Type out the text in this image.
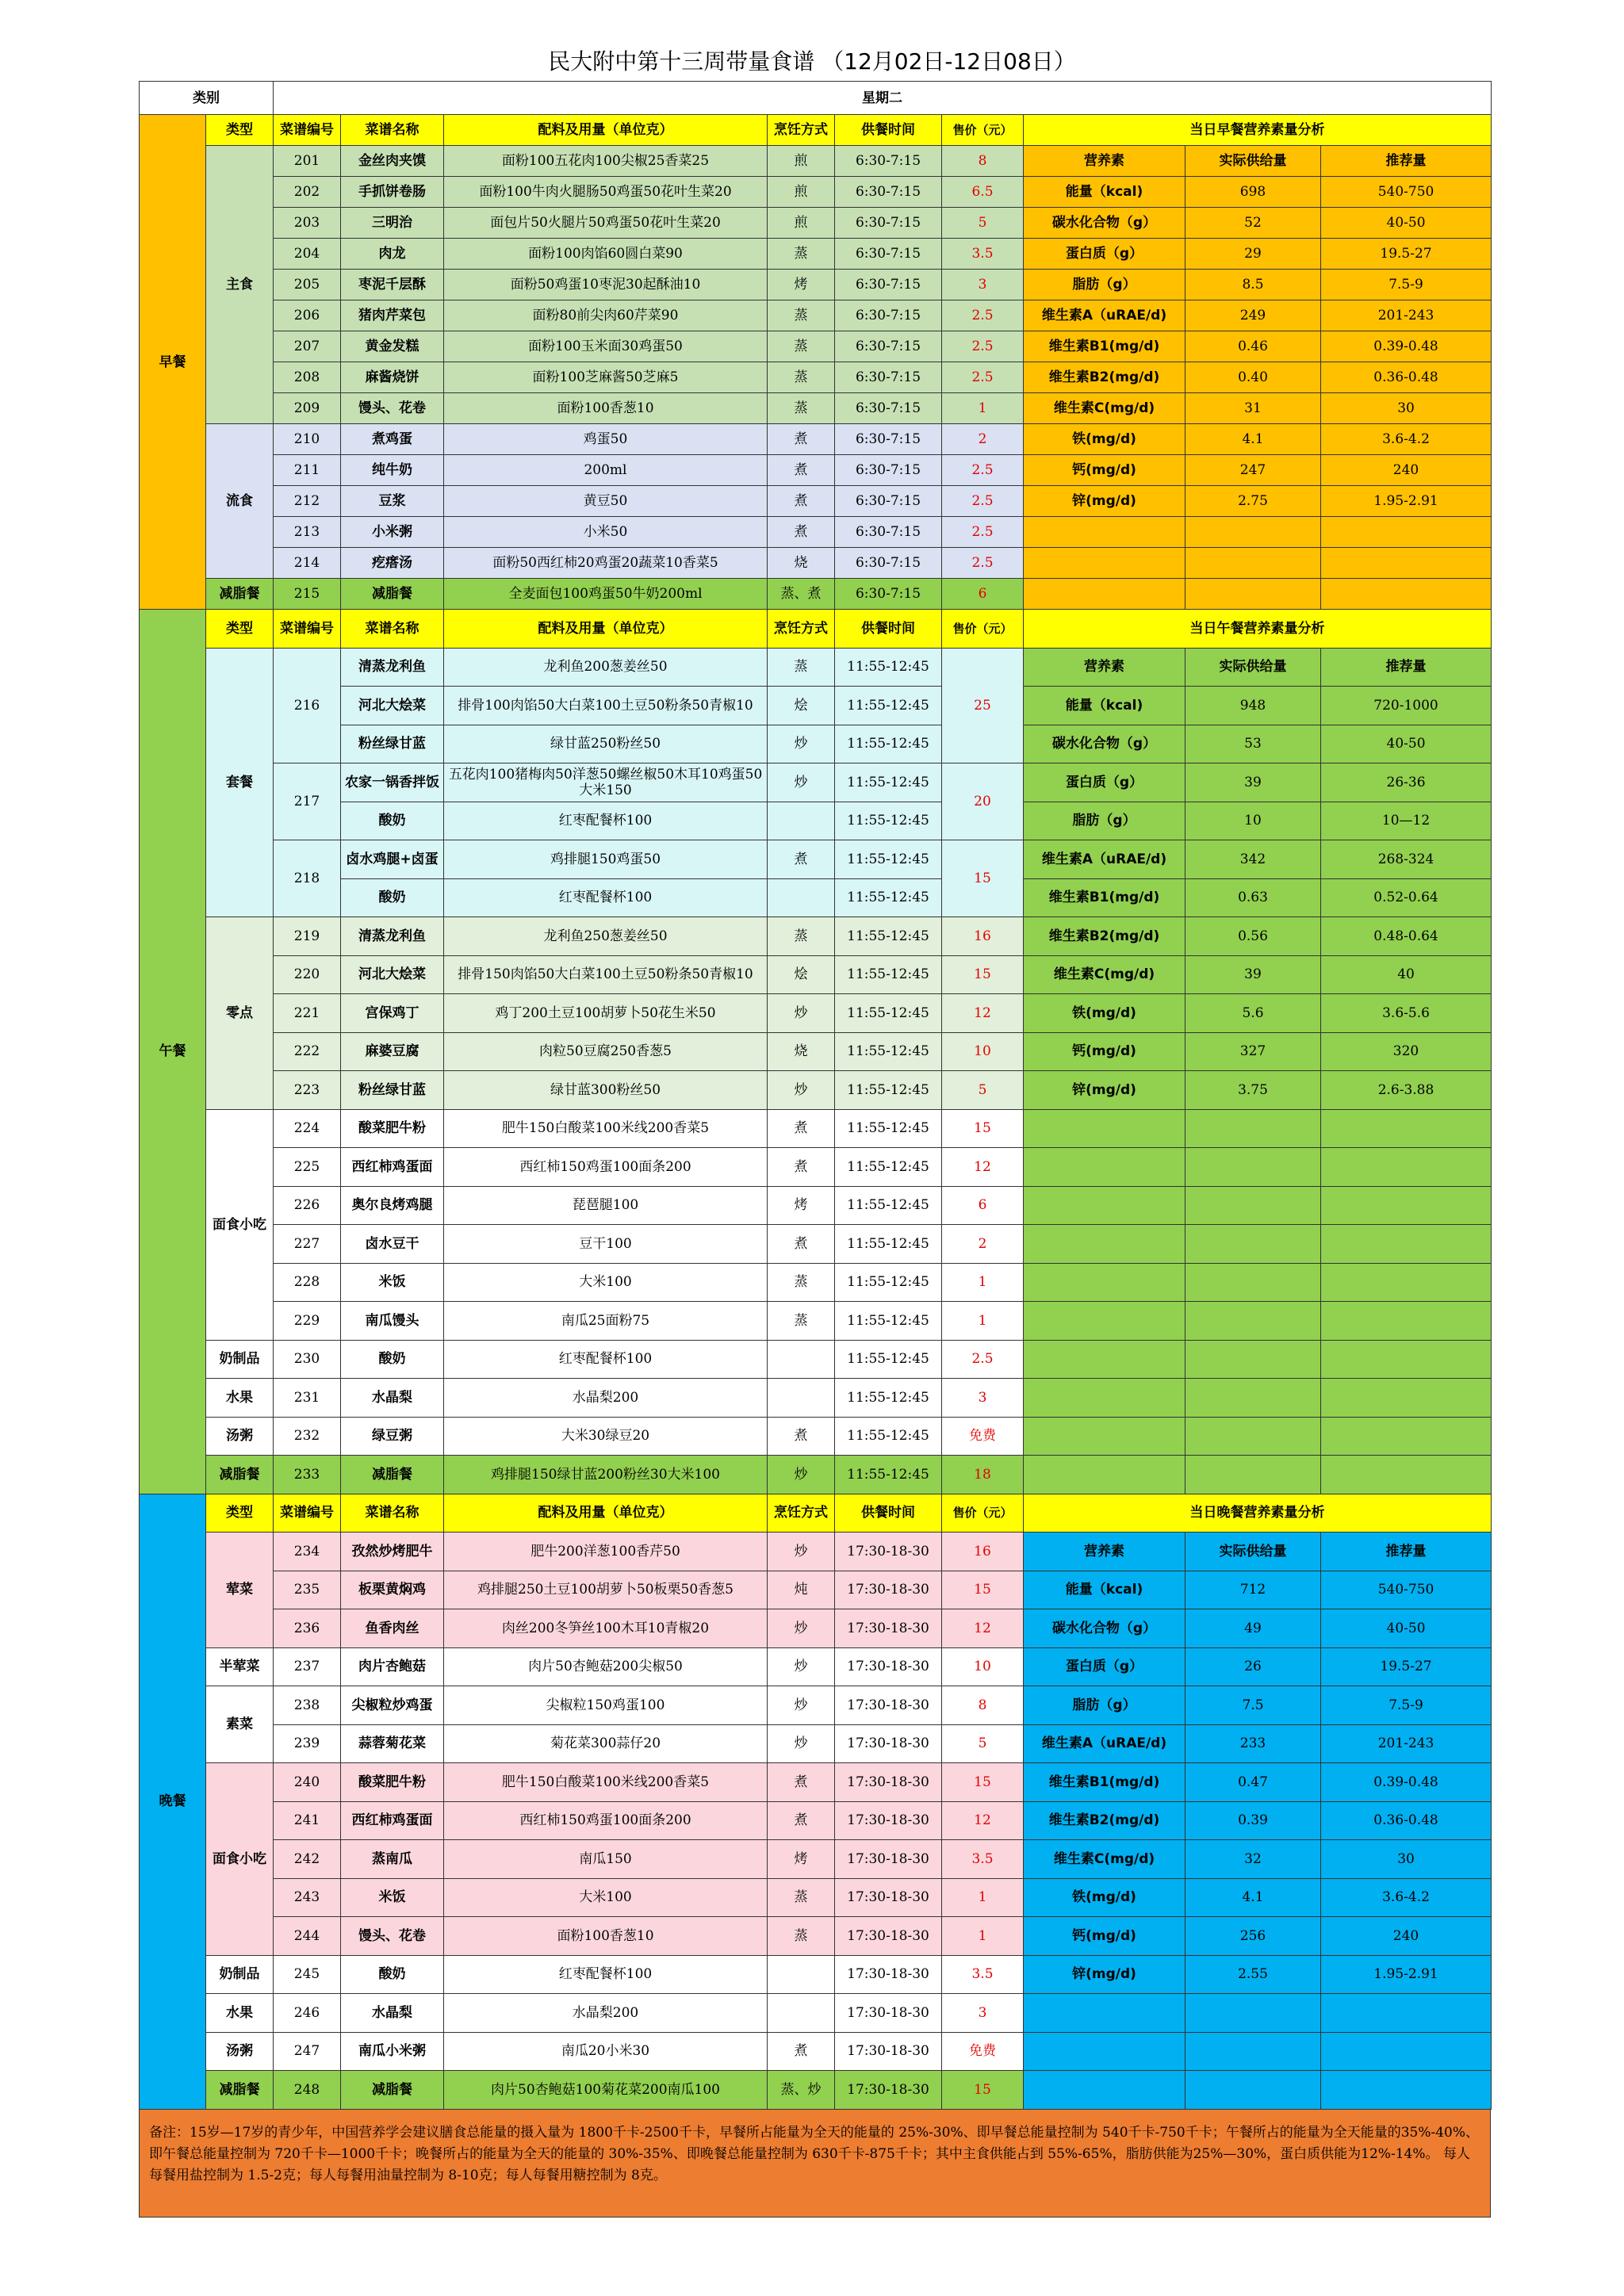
民大附中第十三周带量食谱 （12月02日-12日08日）
类别		星期二								
早餐	类型	菜谱编号	菜谱名称	配料及用量（单位克）	烹饪方式	供餐时间	售价（元）	当日早餐营养素量分析		
	主食	201	金丝肉夹馍	面粉100五花肉100尖椒25香菜25	煎	6:30-7:15	8	营养素	实际供给量	推荐量
		202	手抓饼卷肠	面粉100牛肉火腿肠50鸡蛋50花叶生菜20	煎	6:30-7:15	6.5	能量（kcal)	698	540-750
		203	三明治	面包片50火腿片50鸡蛋50花叶生菜20	煎	6:30-7:15	5	碳水化合物（g）	52	40-50
		204	肉龙	面粉100肉馅60圆白菜90	蒸	6:30-7:15	3.5	蛋白质（g）	29	19.5-27
		205	枣泥千层酥	面粉50鸡蛋10枣泥30起酥油10	烤	6:30-7:15	3	脂肪（g）	8.5	7.5-9
		206	猪肉芹菜包	面粉80前尖肉60芹菜90	蒸	6:30-7:15	2.5	维生素A（uRAE/d)	249	201-243
		207	黄金发糕	面粉100玉米面30鸡蛋50	蒸	6:30-7:15	2.5	维生素B1(mg/d)	0.46	0.39-0.48
		208	麻酱烧饼	面粉100芝麻酱50芝麻5	蒸	6:30-7:15	2.5	维生素B2(mg/d)	0.40	0.36-0.48
		209	馒头、花卷	面粉100香葱10	蒸	6:30-7:15	1	维生素C(mg/d)	31	30
	流食	210	煮鸡蛋	鸡蛋50	煮	6:30-7:15	2	铁(mg/d)	4.1	3.6-4.2
		211	纯牛奶	200ml	煮	6:30-7:15	2.5	钙(mg/d)	247	240
		212	豆浆	黄豆50	煮	6:30-7:15	2.5	锌(mg/d)	2.75	1.95-2.91
		213	小米粥	小米50	煮	6:30-7:15	2.5			
		214	疙瘩汤	面粉50西红柿20鸡蛋20蔬菜10香菜5	烧	6:30-7:15	2.5			
	减脂餐	215	减脂餐	全麦面包100鸡蛋50牛奶200ml	蒸、煮	6:30-7:15	6			
午餐	类型	菜谱编号	菜谱名称	配料及用量（单位克）	烹饪方式	供餐时间	售价（元）	当日午餐营养素量分析		
	套餐	216	清蒸龙利鱼	龙利鱼200葱姜丝50	蒸	11:55-12:45	25	营养素	实际供给量	推荐量
			河北大烩菜	排骨100肉馅50大白菜100土豆50粉条50青椒10	烩	11:55-12:45		能量（kcal)	948	720-1000
			粉丝绿甘蓝	绿甘蓝250粉丝50	炒	11:55-12:45		碳水化合物（g）	53	40-50
		217	农家一锅香拌饭	五花肉100猪梅肉50洋葱50螺丝椒50木耳10鸡蛋50大米150	炒	11:55-12:45	20	蛋白质（g）	39	26-36
			酸奶	红枣配餐杯100		11:55-12:45		脂肪（g）	10	10—12
		218	卤水鸡腿+卤蛋	鸡排腿150鸡蛋50	煮	11:55-12:45	15	维生素A（uRAE/d)	342	268-324
			酸奶	红枣配餐杯100		11:55-12:45		维生素B1(mg/d)	0.63	0.52-0.64
	零点	219	清蒸龙利鱼	龙利鱼250葱姜丝50	蒸	11:55-12:45	16	维生素B2(mg/d)	0.56	0.48-0.64
		220	河北大烩菜	排骨150肉馅50大白菜100土豆50粉条50青椒10	烩	11:55-12:45	15	维生素C(mg/d)	39	40
		221	宫保鸡丁	鸡丁200土豆100胡萝卜50花生米50	炒	11:55-12:45	12	铁(mg/d)	5.6	3.6-5.6
		222	麻婆豆腐	肉粒50豆腐250香葱5	烧	11:55-12:45	10	钙(mg/d)	327	320
		223	粉丝绿甘蓝	绿甘蓝300粉丝50	炒	11:55-12:45	5	锌(mg/d)	3.75	2.6-3.88
	面食小吃	224	酸菜肥牛粉	肥牛150白酸菜100米线200香菜5	煮	11:55-12:45	15			
		225	西红柿鸡蛋面	西红柿150鸡蛋100面条200	煮	11:55-12:45	12			
		226	奥尔良烤鸡腿	琵琶腿100	烤	11:55-12:45	6			
		227	卤水豆干	豆干100	煮	11:55-12:45	2			
		228	米饭	大米100	蒸	11:55-12:45	1			
		229	南瓜馒头	南瓜25面粉75	蒸	11:55-12:45	1			
	奶制品	230	酸奶	红枣配餐杯100		11:55-12:45	2.5			
	水果	231	水晶梨	水晶梨200		11:55-12:45	3			
	汤粥	232	绿豆粥	大米30绿豆20	煮	11:55-12:45	免费			
	减脂餐	233	减脂餐	鸡排腿150绿甘蓝200粉丝30大米100	炒	11:55-12:45	18			
晚餐	类型	菜谱编号	菜谱名称	配料及用量（单位克）	烹饪方式	供餐时间	售价（元）	当日晚餐营养素量分析		
	荤菜	234	孜然炒烤肥牛	肥牛200洋葱100香芹50	炒	17:30-18-30	16	营养素	实际供给量	推荐量
		235	板栗黄焖鸡	鸡排腿250土豆100胡萝卜50板栗50香葱5	炖	17:30-18-30	15	能量（kcal)	712	540-750
		236	鱼香肉丝	肉丝200冬笋丝100木耳10青椒20	炒	17:30-18-30	12	碳水化合物（g）	49	40-50
	半荤菜	237	肉片杏鲍菇	肉片50杏鲍菇200尖椒50	炒	17:30-18-30	10	蛋白质（g）	26	19.5-27
	素菜	238	尖椒粒炒鸡蛋	尖椒粒150鸡蛋100	炒	17:30-18-30	8	脂肪（g）	7.5	7.5-9
		239	蒜蓉菊花菜	菊花菜300蒜仔20	炒	17:30-18-30	5	维生素A（uRAE/d)	233	201-243
	面食小吃	240	酸菜肥牛粉	肥牛150白酸菜100米线200香菜5	煮	17:30-18-30	15	维生素B1(mg/d)	0.47	0.39-0.48
		241	西红柿鸡蛋面	西红柿150鸡蛋100面条200	煮	17:30-18-30	12	维生素B2(mg/d)	0.39	0.36-0.48
		242	蒸南瓜	南瓜150	烤	17:30-18-30	3.5	维生素C(mg/d)	32	30
		243	米饭	大米100	蒸	17:30-18-30	1	铁(mg/d)	4.1	3.6-4.2
		244	馒头、花卷	面粉100香葱10	蒸	17:30-18-30	1	钙(mg/d)	256	240
	奶制品	245	酸奶	红枣配餐杯100		17:30-18-30	3.5	锌(mg/d)	2.55	1.95-2.91
	水果	246	水晶梨	水晶梨200		17:30-18-30	3			
	汤粥	247	南瓜小米粥	南瓜20小米30	煮	17:30-18-30	免费			
	减脂餐	248	减脂餐	肉片50杏鲍菇100菊花菜200南瓜100	蒸、炒	17:30-18-30	15			
备注：15岁—17岁的青少年，中国营养学会建议膳食总能量的摄入量为 1800千卡-2500千卡，早餐所占能量为全天的能量的 25%-30%、即早餐总能量控制为 540千卡-750千卡；午餐所占的能量为全天能量的35%-40%、即午餐总能量控制为 720千卡—1000千卡；晚餐所占的能量为全天的能量的 30%-35%、即晚餐总能量控制为 630千卡-875千卡；其中主食供能占到 55%-65%，脂肪供能为25%—30%，蛋白质供能为12%-14%。 每人每餐用盐控制为 1.5-2克；每人每餐用油量控制为 8-10克；每人每餐用糖控制为 8克。
